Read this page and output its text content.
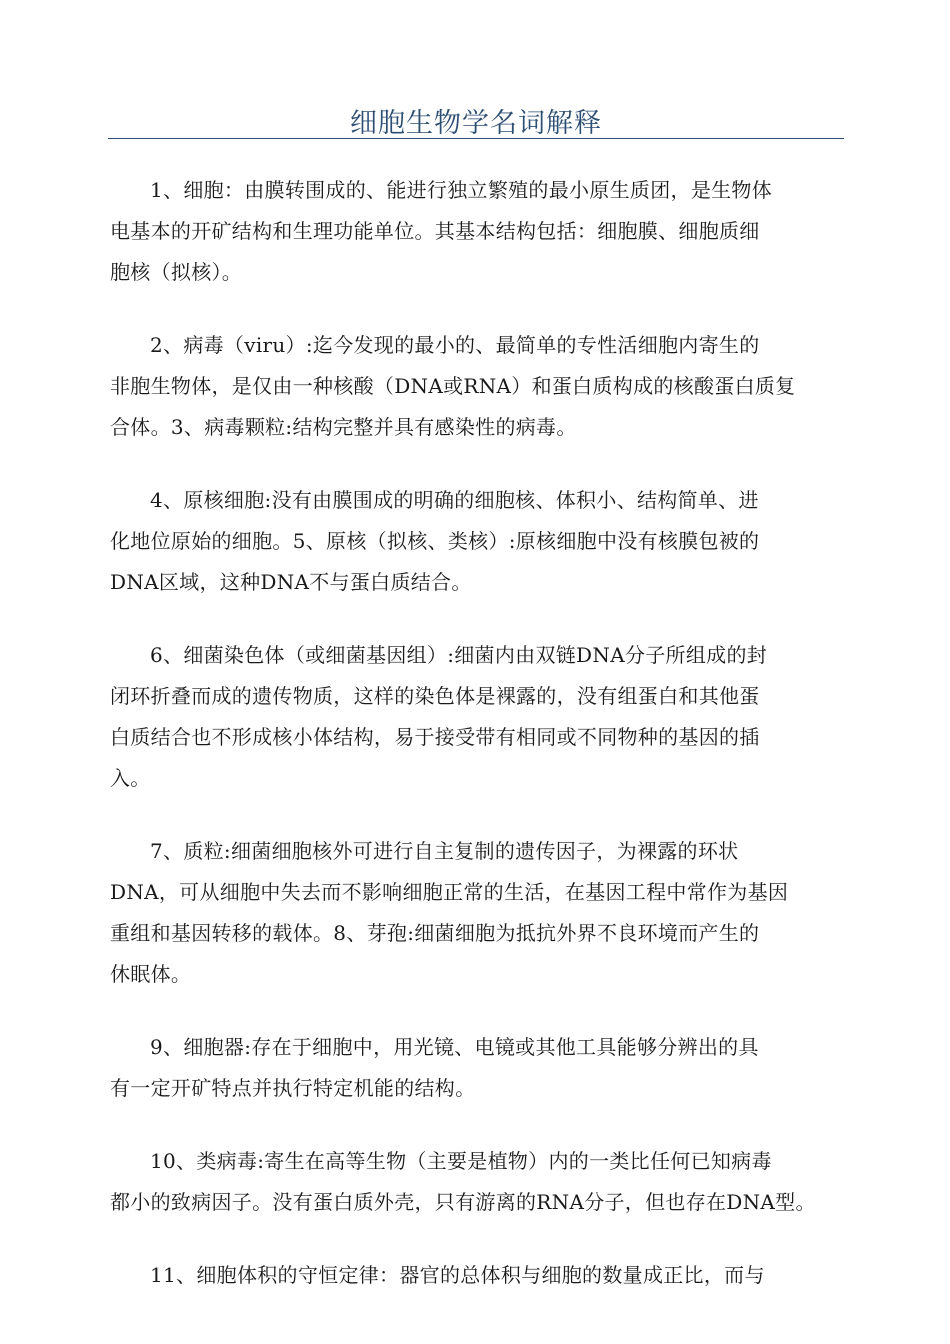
细胞生物学名词解释
1、细胞：由膜转围成的、能进行独立繁殖的最小原生质团，是生物体
电基本的开矿结构和生理功能单位。其基本结构包括：细胞膜、细胞质细
胞核（拟核）。
2、病毒（viru）:迄今发现的最小的、最简单的专性活细胞内寄生的
非胞生物体，是仅由一种核酸（DNA或RNA）和蛋白质构成的核酸蛋白质复
合体。3、病毒颗粒:结构完整并具有感染性的病毒。
4、原核细胞:没有由膜围成的明确的细胞核、体积小、结构简单、进
化地位原始的细胞。5、原核（拟核、类核）:原核细胞中没有核膜包被的
DNA区域，这种DNA不与蛋白质结合。
6、细菌染色体（或细菌基因组）:细菌内由双链DNA分子所组成的封
闭环折叠而成的遗传物质，这样的染色体是裸露的，没有组蛋白和其他蛋
白质结合也不形成核小体结构，易于接受带有相同或不同物种的基因的插
入。
7、质粒:细菌细胞核外可进行自主复制的遗传因子，为裸露的环状
DNA，可从细胞中失去而不影响细胞正常的生活，在基因工程中常作为基因
重组和基因转移的载体。8、芽孢:细菌细胞为抵抗外界不良环境而产生的
休眠体。
9、细胞器:存在于细胞中，用光镜、电镜或其他工具能够分辨出的具
有一定开矿特点并执行特定机能的结构。
10、类病毒:寄生在高等生物（主要是植物）内的一类比任何已知病毒
都小的致病因子。没有蛋白质外壳，只有游离的RNA分子，但也存在DNA型。
11、细胞体积的守恒定律：器官的总体积与细胞的数量成正比，而与
